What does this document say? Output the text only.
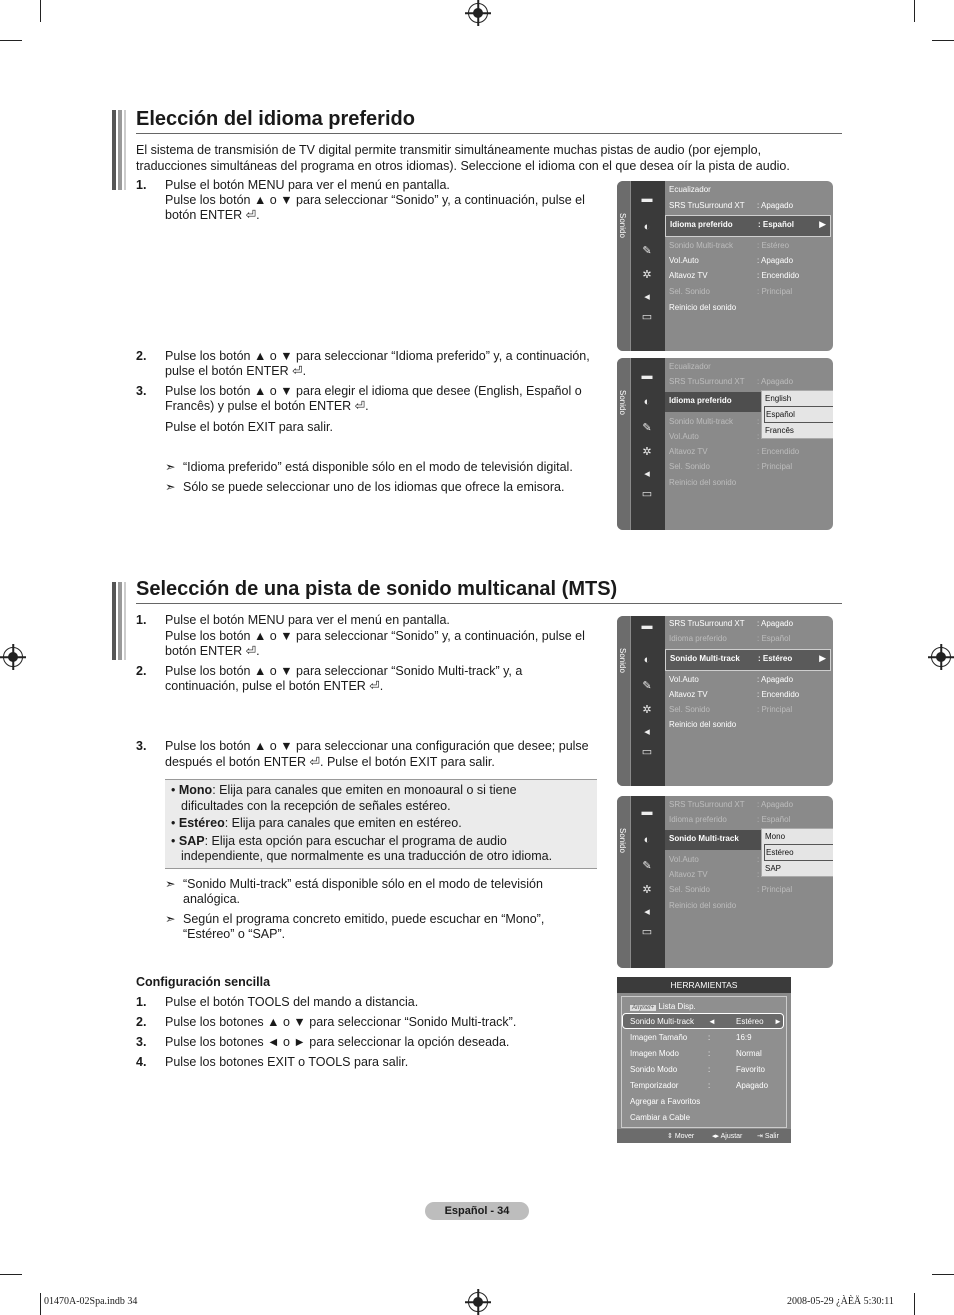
Elección del idioma preferido

El sistema de transmisión de TV digital permite transmitir simultáneamente muchas pistas de audio (por ejemplo, traducciones simultáneas del programa en otros idiomas). Seleccione el idioma con el que desea oír la pista de audio.

1. Pulse el botón MENU para ver el menú en pantalla.
Pulse los botón ▲ o ▼ para seleccionar “Sonido” y, a continuación, pulse el
botón ENTER ⏎.
2. Pulse los botón ▲ o ▼ para seleccionar “Idioma preferido” y, a continuación,
pulse el botón ENTER ⏎.
3. Pulse los botón ▲ o ▼ para elegir el idioma que desee (English, Español o
Francês) y pulse el botón ENTER ⏎.
Pulse el botón EXIT para salir.
➣ “Idioma preferido” está disponible sólo en el modo de televisión digital.
➣ Sólo se puede seleccionar uno de los idiomas que ofrece la emisora.
Sonido
▬
◐
✎
✲
◂
▭
Idioma preferido	: Español	▶
Ecualizador
SRS TruSurround XT : Apagado
Sonido Multi-track	: Estéreo
Vol.Auto	: Apagado
Altavoz TV	: Encendido
Sel. Sonido	: Principal
Reinicio del sonido
Sonido
▬
◐
✎
✲
◂
▭
Idioma preferido	English
Español
Francês
Ecualizador
SRS TruSurround XT : Apagado
Sonido Multi-track	:
Vol.Auto	:
Altavoz TV	: Encendido
Sel. Sonido	: Principal
Reinicio del sonido
Selección de una pista de sonido multicanal (MTS)
1. Pulse el botón MENU para ver el menú en pantalla.
Pulse los botón ▲ o ▼ para seleccionar “Sonido” y, a continuación, pulse el
botón ENTER ⏎.
2. Pulse los botón ▲ o ▼ para seleccionar “Sonido Multi-track” y, a
continuación, pulse el botón ENTER ⏎.
3. Pulse los botón ▲ o ▼ para seleccionar una configuración que desee; pulse
después el botón ENTER ⏎. Pulse el botón EXIT para salir.
• Mono: Elija para canales que emiten en monoaural o si tiene
dificultades con la recepción de señales estéreo.
• Estéreo: Elija para canales que emiten en estéreo.
• SAP: Elija esta opción para escuchar el programa de audio
independiente, que normalmente es una traducción de otro idioma.
➣ “Sonido Multi-track” está disponible sólo en el modo de televisión
analógica.
➣ Según el programa concreto emitido, puede escuchar en “Mono”,
“Estéreo” o “SAP”.
Configuración sencilla
1. Pulse el botón TOOLS del mando a distancia.
2. Pulse los botones ▲ o ▼ para seleccionar “Sonido Multi-track”.
3. Pulse los botones ◄ o ► para seleccionar la opción deseada.
4. Pulse los botones EXIT o TOOLS para salir.
Sonido
▬
◐
✎
✲
◂
▭
Sonido Multi-track : Estéreo	▶
SRS TruSurround XT : Apagado
Idioma preferido	: Español
Vol.Auto	: Apagado
Altavoz TV	: Encendido
Sel. Sonido	: Principal
Reinicio del sonido
Sonido
▬
◐
✎
✲
◂
▭
Sonido Multi-track	Mono
Estéreo
SAP
SRS TruSurround XT : Apagado
Idioma preferido	: Español
Vol.Auto	:
Altavoz TV	:
Sel. Sonido	: Principal
Reinicio del sonido
HERRAMIENTAS
Anynet+ Lista Disp.
Sonido Multi-track ◄	Estéreo ►
Imagen Tamaño	:	16:9
Imagen Modo	:	Normal
Sonido Modo	:	Favorito
Temporizador	:	Apagado
Agregar a Favoritos
Cambiar a Cable
⇕ Mover	◂▸ Ajustar ⇥ Salir
Español - 34
01470A-02Spa.indb 34	2008-05-29 ¿ÀÈÄ 5:30:11
